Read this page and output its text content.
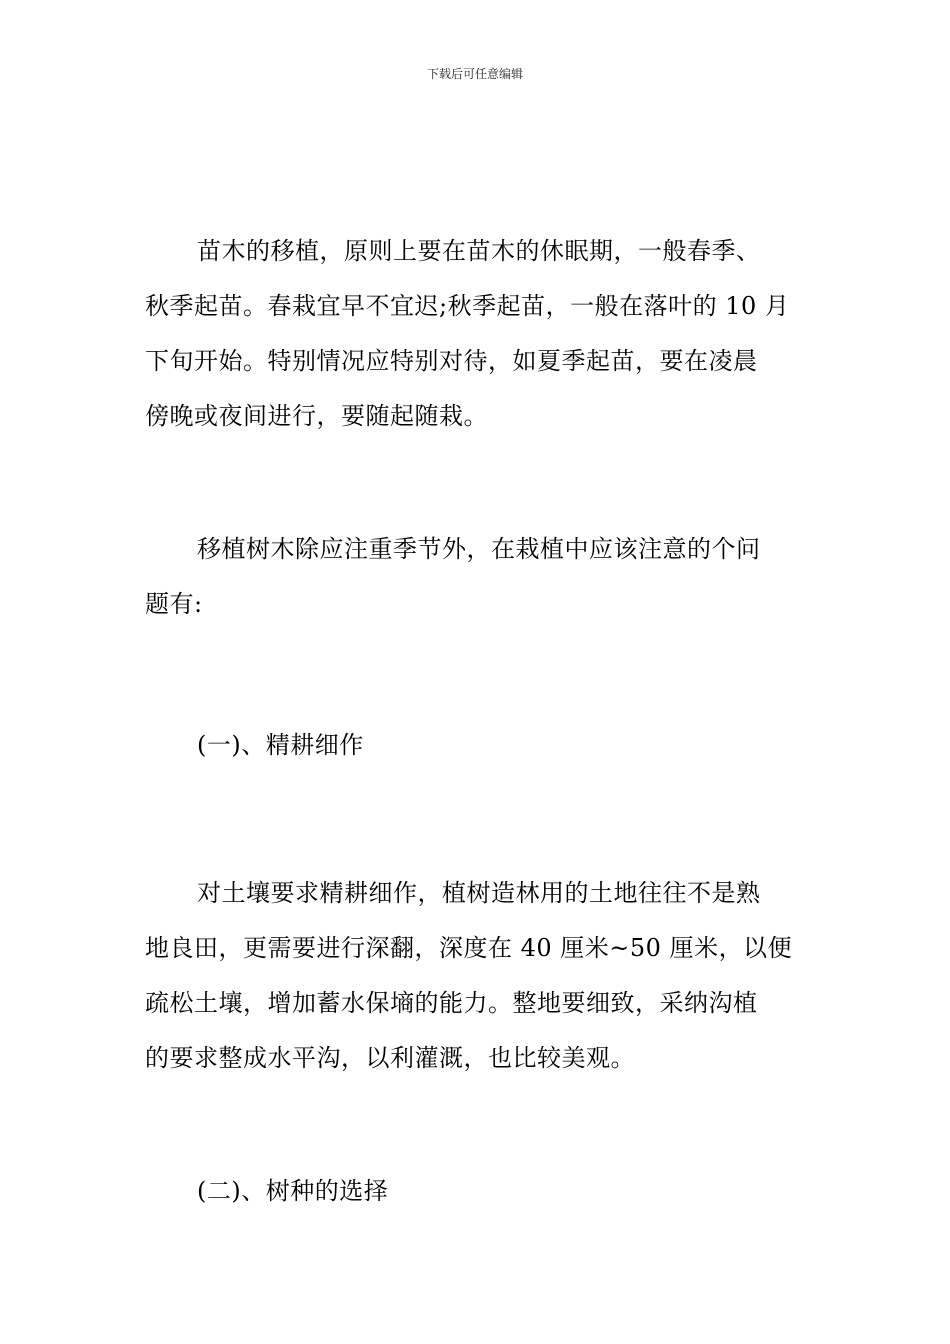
下载后可任意编辑
苗木的移植，原则上要在苗木的休眠期，一般春季、
秋季起苗。春栽宜早不宜迟;秋季起苗，一般在落叶的 10 月
下旬开始。特别情况应特别对待，如夏季起苗，要在凌晨
傍晚或夜间进行，要随起随栽。
移植树木除应注重季节外，在栽植中应该注意的个问
题有:
(一)、精耕细作
对土壤要求精耕细作，植树造林用的土地往往不是熟
地良田，更需要进行深翻，深度在 40 厘米~50 厘米，以便
疏松土壤，增加蓄水保墒的能力。整地要细致，采纳沟植
的要求整成水平沟，以利灌溉，也比较美观。
(二)、树种的选择
